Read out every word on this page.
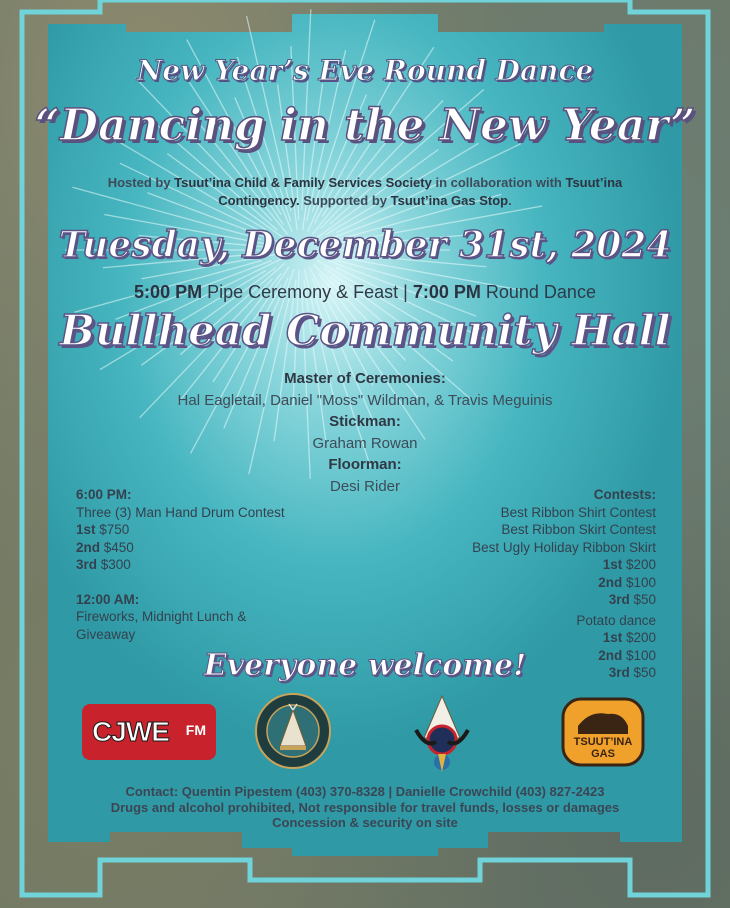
New Year’s Eve Round Dance
“Dancing in the New Year”
Hosted by Tsuut’ina Child & Family Services Society in collaboration with Tsuut’ina Contingency. Supported by Tsuut’ina Gas Stop.
Tuesday, December 31st, 2024
5:00 PM Pipe Ceremony & Feast | 7:00 PM Round Dance
Bullhead Community Hall
Master of Ceremonies:
Hal Eagletail, Daniel "Moss" Wildman, & Travis Meguinis
Stickman:
Graham Rowan
Floorman:
Desi Rider
6:00 PM:
Three (3) Man Hand Drum Contest
1st $750
2nd $450
3rd $300
12:00 AM:
Fireworks, Midnight Lunch &
Giveaway
Contests:
Best Ribbon Shirt Contest
Best Ribbon Skirt Contest
Best Ugly Holiday Ribbon Skirt
1st $200
2nd $100
3rd $50
Potato dance
1st $200
2nd $100
3rd $50
Everyone welcome!
CJWE FM
TSUUT’INA
GAS
Contact: Quentin Pipestem (403) 370-8328 | Danielle Crowchild (403) 827-2423
Drugs and alcohol prohibited, Not responsible for travel funds, losses or damages
Concession & security on site
